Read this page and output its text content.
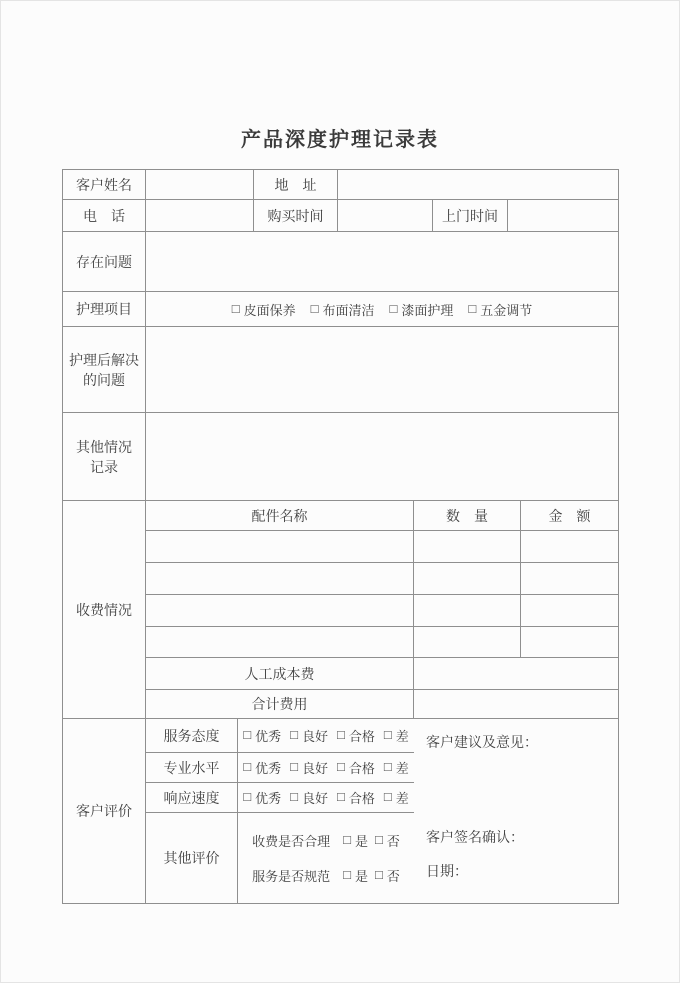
产品深度护理记录表
客户姓名	地　址
电　话	购买时间	上门时间
存在问题
护理项目	□ 皮面保养 □ 布面清洁 □ 漆面护理 □ 五金调节
护理后解决
的问题
其他情况
记录
收费情况
配件名称	数　量	金　额
人工成本费
合计费用
客户评价
服务态度	□ 优秀 □ 良好 □ 合格 □ 差
专业水平	□ 优秀 □ 良好 □ 合格 □ 差
响应速度	□ 优秀 □ 良好 □ 合格 □ 差
其他评价
收费是否合理 □ 是 □ 否
服务是否规范 □ 是 □ 否
客户建议及意见：
客户签名确认：
日期：
